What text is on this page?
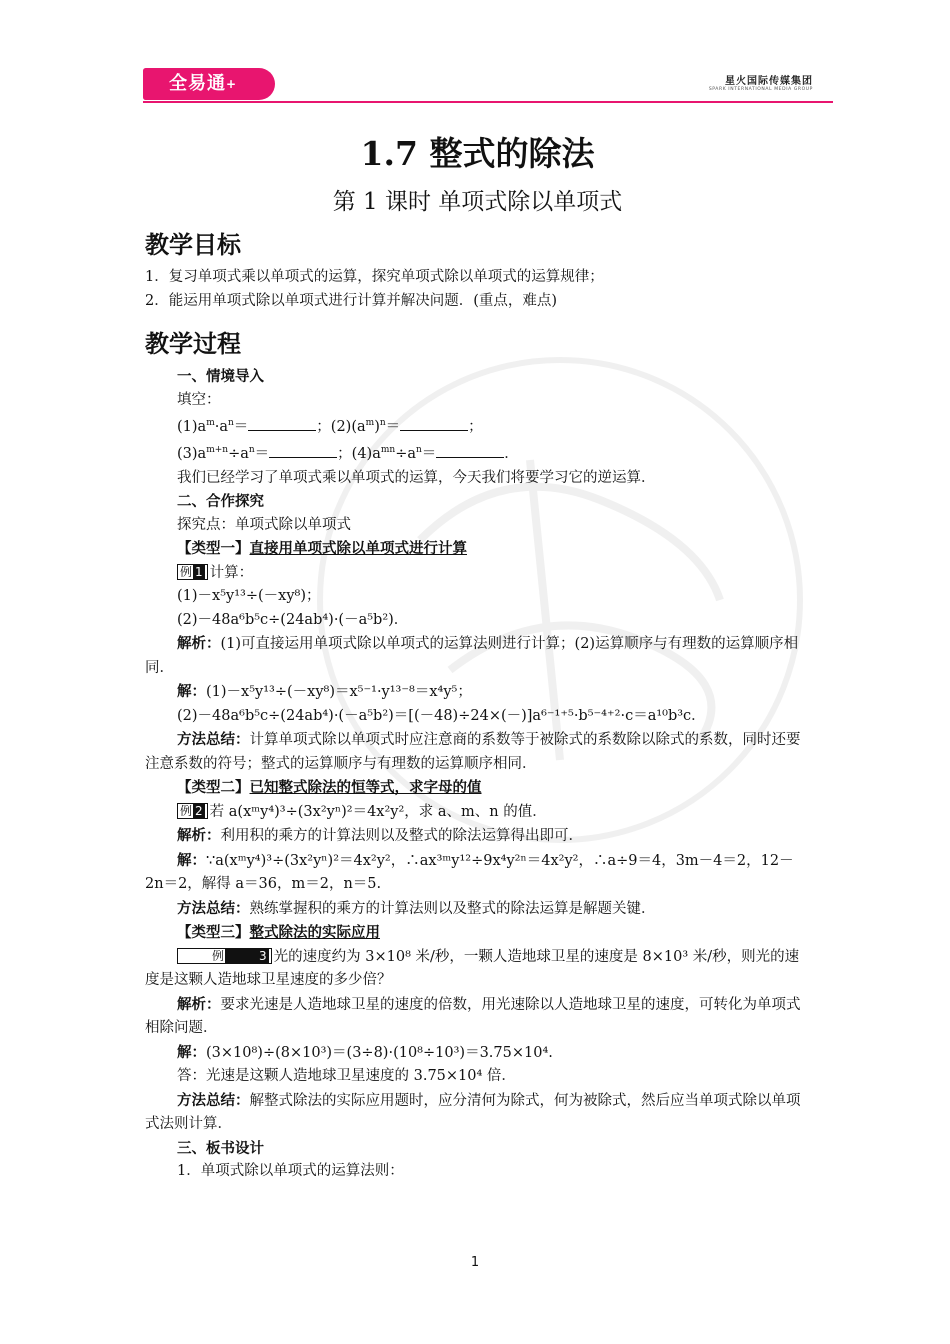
全易通+	星火国际传媒集团
SPARK INTERNATIONAL MEDIA GROUP
1.7 整式的除法
第 1 课时 单项式除以单项式
教学目标

1．复习单项式乘以单项式的运算，探究单项式除以单项式的运算规律；

2．能运用单项式除以单项式进行计算并解决问题．(重点，难点)

教学过程

一、情境导入

填空：

$(1)a^m\cdot a^n=$	；$(2)(a^m)^n=$	；

$(3)a^{m+n}\div a^n=$	；$(4)a^{mn}\div a^n=$	．

我们已经学习了单项式乘以单项式的运算，今天我们将要学习它的逆运算．

二、合作探究

探究点：单项式除以单项式

【类型一】直接用单项式除以单项式进行计算

例 1 计算：

(1)－x⁵y¹³÷(－xy⁸)；

(2)－48a⁶b⁵c÷(24ab⁴)·(－a⁵b²)．

解析：(1)可直接运用单项式除以单项式的运算法则进行计算；(2)运算顺序与有理数的运算顺序相同．

解：(1)－x⁵y¹³÷(－xy⁸)＝x⁵⁻¹·y¹³⁻⁸＝x⁴y⁵；

(2)－48a⁶b⁵c÷(24ab⁴)·(－a⁵b²)＝[(－48)÷24×(－)]a⁶⁻¹⁺⁵·b⁵⁻⁴⁺²·c＝a¹⁰b³c．

方法总结：计算单项式除以单项式时应注意商的系数等于被除式的系数除以除式的系数，同时还要注意系数的符号；整式的运算顺序与有理数的运算顺序相同．

【类型二】已知整式除法的恒等式，求字母的值

例 2 若 a(xᵐy⁴)³÷(3x²yⁿ)²＝4x²y²，求 a、m、n 的值．

解析：利用积的乘方的计算法则以及整式的除法运算得出即可．

解：∵a(xᵐy⁴)³÷(3x²yⁿ)²＝4x²y²，∴ax³ᵐy¹²÷9x⁴y²ⁿ＝4x²y²，∴a÷9＝4，3m－4＝2，12－2n＝2，解得 a＝36，m＝2，n＝5.

方法总结：熟练掌握积的乘方的计算法则以及整式的除法运算是解题关键．

【类型三】整式除法的实际应用

例	3 光的速度约为 3×10⁸ 米/秒，一颗人造地球卫星的速度是 8×10³ 米/秒，则光的速度是这颗人造地球卫星速度的多少倍？

解析：要求光速是人造地球卫星的速度的倍数，用光速除以人造地球卫星的速度，可转化为单项式相除问题．

解：(3×10⁸)÷(8×10³)＝(3÷8)·(10⁸÷10³)＝3.75×10⁴.

答：光速是这颗人造地球卫星速度的 3.75×10⁴ 倍．

方法总结：解整式除法的实际应用题时，应分清何为除式，何为被除式，然后应当单项式除以单项式法则计算．

三、板书设计

1．单项式除以单项式的运算法则：

1
